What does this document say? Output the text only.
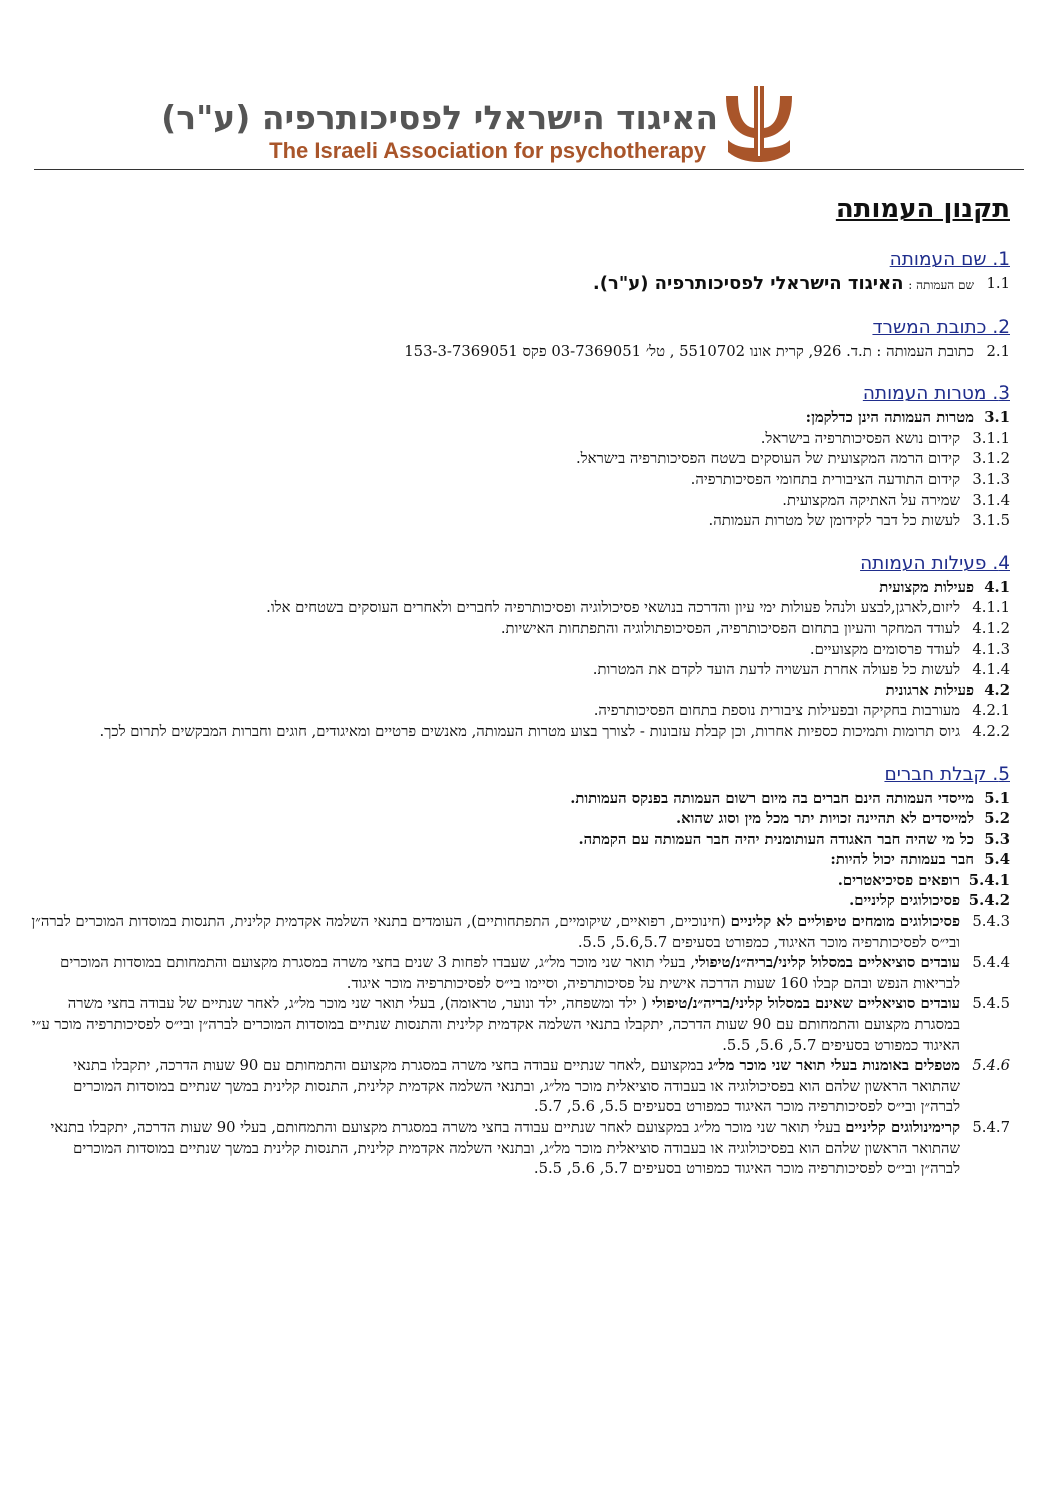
האיגוד הישראלי לפסיכותרפיה (ע"ר)
The Israeli Association for psychotherapy
תקנון העמותה
1. שם העמותה
1.1
שם העמותה : האיגוד הישראלי לפסיכותרפיה (ע"ר).
2. כתובת המשרד
2.1
כתובת העמותה : ת.ד. 926, קרית אונו 5510702 , טל׳ 03-7369051 פקס 153-3-7369051
3. מטרות העמותה
3.1
מטרות העמותה הינן כדלקמן:
3.1.1
קידום נושא הפסיכותרפיה בישראל.
3.1.2
קידום הרמה המקצועית של העוסקים בשטח הפסיכותרפיה בישראל.
3.1.3
קידום התודעה הציבורית בתחומי הפסיכותרפיה.
3.1.4
שמירה על האתיקה המקצועית.
3.1.5
לעשות כל דבר לקידומן של מטרות העמותה.
4. פעילות העמותה
4.1
פעילות מקצועית
4.1.1
ליזום,לארגן,לבצע ולנהל פעולות ימי עיון והדרכה בנושאי פסיכולוגיה ופסיכותרפיה לחברים ולאחרים העוסקים בשטחים אלו.
4.1.2
לעודד המחקר והעיון בתחום הפסיכותרפיה, הפסיכופתולוגיה והתפתחות האישיות.
4.1.3
לעודד פרסומים מקצועיים.
4.1.4
לעשות כל פעולה אחרת העשויה לדעת הועד לקדם את המטרות.
4.2
פעילות ארגונית
4.2.1
מעורבות בחקיקה ובפעילות ציבורית נוספת בתחום הפסיכותרפיה.
4.2.2
גיוס תרומות ותמיכות כספיות אחרות, וכן קבלת עזבונות - לצורך בצוע מטרות העמותה, מאנשים פרטיים ומאיגודים, חוגים וחברות המבקשים לתרום לכך.
5. קבלת חברים
5.1
מייסדי העמותה הינם חברים בה מיום רשום העמותה בפנקס העמותות.
5.2
למייסדים לא תהיינה זכויות יתר מכל מין וסוג שהוא.
5.3
כל מי שהיה חבר האגודה העותומנית יהיה חבר העמותה עם הקמתה.
5.4
חבר בעמותה יכול להיות:
5.4.1
רופאים פסיכיאטרים.
5.4.2
פסיכולוגים קליניים.
5.4.3
פסיכולוגים מומחים טיפוליים לא קליניים (חינוכיים, רפואיים, שיקומיים, התפתחותיים), העומדים בתנאי השלמה אקדמית קלינית, התנסות במוסדות המוכרים לברה״ן ובי״ס לפסיכותרפיה מוכר האיגוד, כמפורט בסעיפים 5.6,5.7, 5.5.
5.4.4
עובדים סוציאליים במסלול קליני/בריה״נ/טיפולי, בעלי תואר שני מוכר מל״ג, שעבדו לפחות 3 שנים בחצי משרה במסגרת מקצועם והתמחותם במוסדות המוכרים לבריאות הנפש ובהם קבלו 160 שעות הדרכה אישית על פסיכותרפיה, וסיימו בי״ס לפסיכותרפיה מוכר איגוד.
5.4.5
עובדים סוציאליים שאינם במסלול קליני/בריה״נ/טיפולי ( ילד ומשפחה, ילד ונוער, טראומה), בעלי תואר שני מוכר מל״ג, לאחר שנתיים של עבודה בחצי משרה במסגרת מקצועם והתמחותם עם 90 שעות הדרכה, יתקבלו בתנאי השלמה אקדמית קלינית והתנסות שנתיים במוסדות המוכרים לברה״ן ובי״ס לפסיכותרפיה מוכר ע״י האיגוד כמפורט בסעיפים 5.7, 5.6, 5.5.
5.4.6
מטפלים באומנות בעלי תואר שני מוכר מל״ג במקצועם ,לאחר שנתיים עבודה בחצי משרה במסגרת מקצועם והתמחותם עם 90 שעות הדרכה, יתקבלו בתנאי שהתואר הראשון שלהם הוא בפסיכולוגיה או בעבודה סוציאלית מוכר מל״ג, ובתנאי השלמה אקדמית קלינית, התנסות קלינית במשך שנתיים במוסדות המוכרים לברה״ן ובי״ס לפסיכותרפיה מוכר האיגוד כמפורט בסעיפים 5.5, 5.6, 5.7.
5.4.7
קרימינולוגים קליניים בעלי תואר שני מוכר מל״ג במקצועם לאחר שנתיים עבודה בחצי משרה במסגרת מקצועם והתמחותם, בעלי 90 שעות הדרכה, יתקבלו בתנאי שהתואר הראשון שלהם הוא בפסיכולוגיה או בעבודה סוציאלית מוכר מל״ג, ובתנאי השלמה אקדמית קלינית, התנסות קלינית במשך שנתיים במוסדות המוכרים לברה״ן ובי״ס לפסיכותרפיה מוכר האיגוד כמפורט בסעיפים 5.7, 5.6, 5.5.
